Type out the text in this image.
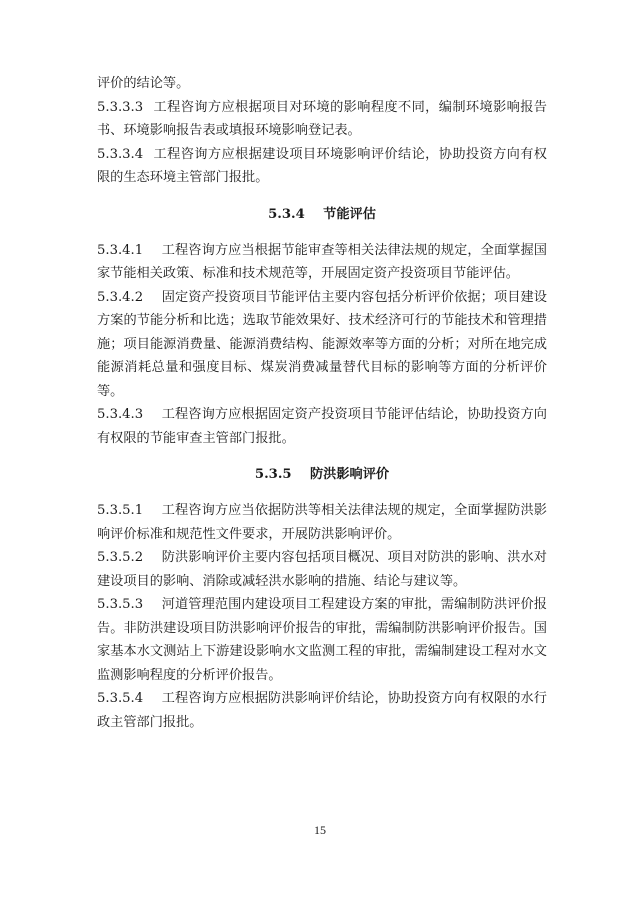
评价的结论等。

5.3.3.3 工程咨询方应根据项目对环境的影响程度不同，编制环境影响报告书、环境影响报告表或填报环境影响登记表。

5.3.3.4 工程咨询方应根据建设项目环境影响评价结论，协助投资方向有权限的生态环境主管部门报批。

5.3.4 节能评估

5.3.4.1 工程咨询方应当根据节能审查等相关法律法规的规定，全面掌握国家节能相关政策、标准和技术规范等，开展固定资产投资项目节能评估。

5.3.4.2 固定资产投资项目节能评估主要内容包括分析评价依据；项目建设方案的节能分析和比选；选取节能效果好、技术经济可行的节能技术和管理措施；项目能源消费量、能源消费结构、能源效率等方面的分析；对所在地完成能源消耗总量和强度目标、煤炭消费减量替代目标的影响等方面的分析评价等。

5.3.4.3 工程咨询方应根据固定资产投资项目节能评估结论，协助投资方向有权限的节能审查主管部门报批。

5.3.5 防洪影响评价

5.3.5.1 工程咨询方应当依据防洪等相关法律法规的规定，全面掌握防洪影响评价标准和规范性文件要求，开展防洪影响评价。

5.3.5.2 防洪影响评价主要内容包括项目概况、项目对防洪的影响、洪水对建设项目的影响、消除或减轻洪水影响的措施、结论与建议等。

5.3.5.3 河道管理范围内建设项目工程建设方案的审批，需编制防洪评价报告。非防洪建设项目防洪影响评价报告的审批，需编制防洪影响评价报告。国家基本水文测站上下游建设影响水文监测工程的审批，需编制建设工程对水文监测影响程度的分析评价报告。

5.3.5.4 工程咨询方应根据防洪影响评价结论，协助投资方向有权限的水行政主管部门报批。

15
